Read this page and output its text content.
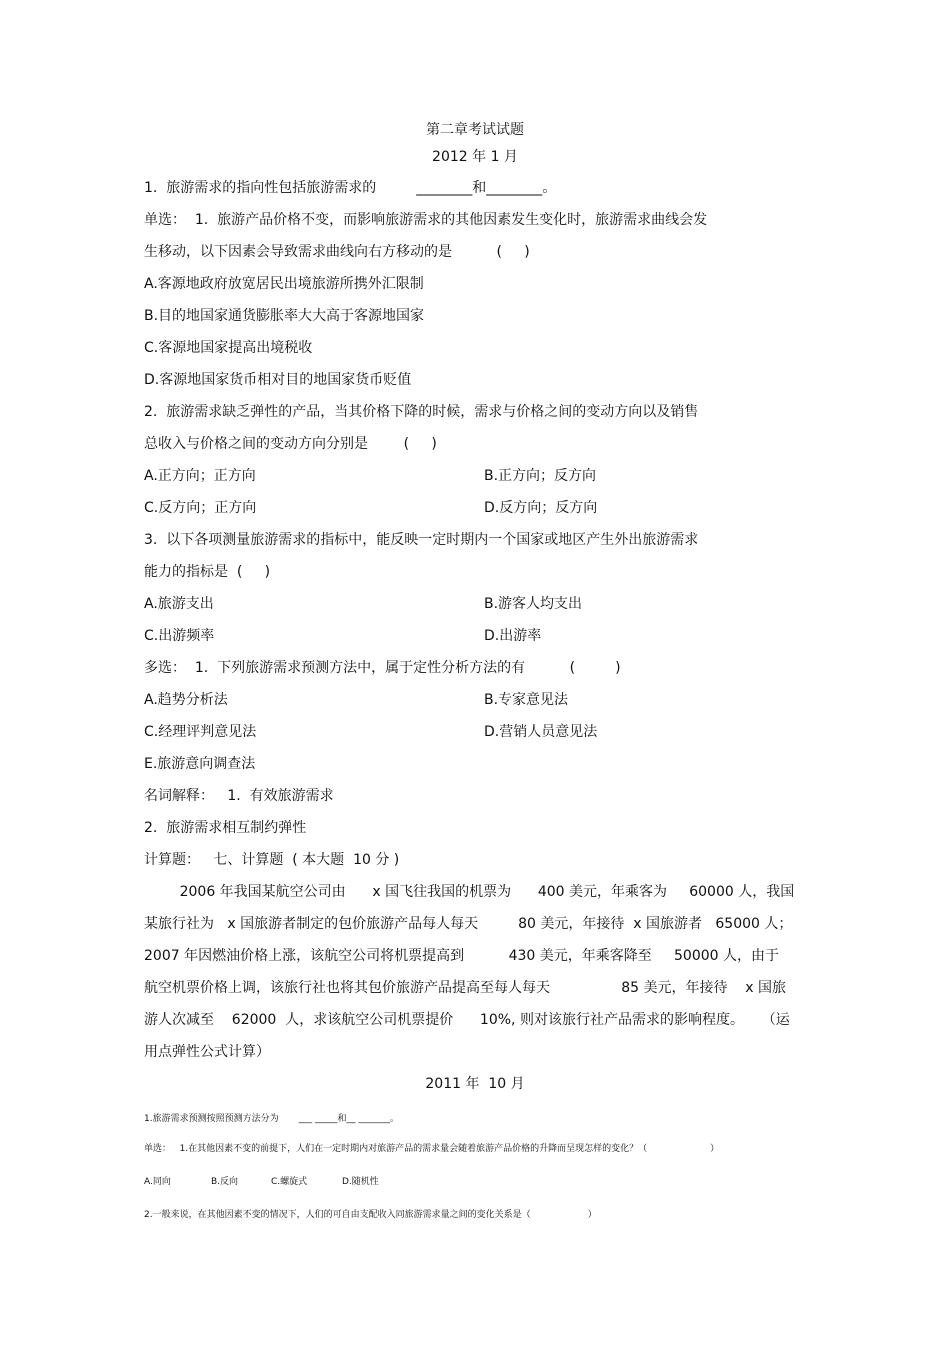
第二章考试试题
2012 年 1 月
1.  旅游需求的指向性包括旅游需求的         ________和________。
单选：  1.  旅游产品价格不变，而影响旅游需求的其他因素发生变化时，旅游需求曲线会发
生移动，以下因素会导致需求曲线向右方移动的是          (     )
A.客源地政府放宽居民出境旅游所携外汇限制
B.目的地国家通货膨胀率大大高于客源地国家
C.客源地国家提高出境税收
D.客源地国家货币相对目的地国家货币贬值
2.  旅游需求缺乏弹性的产品，当其价格下降的时候，需求与价格之间的变动方向以及销售
总收入与价格之间的变动方向分别是        (     )
A.正方向；正方向	B.正方向；反方向
C.反方向；正方向	D.反方向；反方向
3.  以下各项测量旅游需求的指标中，能反映一定时期内一个国家或地区产生外出旅游需求
能力的指标是  (     )
A.旅游支出	B.游客人均支出
C.出游频率	D.出游率
多选：  1.  下列旅游需求预测方法中，属于定性分析方法的有          (         )
A.趋势分析法	B.专家意见法
C.经理评判意见法	D.营销人员意见法
E.旅游意向调查法
名词解释：   1.  有效旅游需求
2.  旅游需求相互制约弹性
计算题：   七、计算题  ( 本大题  10 分 )
2006 年我国某航空公司由      x 国飞往我国的机票为      400 美元，年乘客为     60000 人，我国
某旅行社为   x 国旅游者制定的包价旅游产品每人每天         80 美元，年接待  x 国旅游者   65000 人；
2007 年因燃油价格上涨，该航空公司将机票提高到          430 美元，年乘客降至     50000 人，由于
航空机票价格上调，该旅行社也将其包价旅游产品提高至每人每天                85 美元，年接待    x 国旅
游人次减至    62000  人，求该航空公司机票提价      10%, 则对该旅行社产品需求的影响程度。    （运
用点弹性公式计算）
2011 年  10 月
1.旅游需求预测按照预测方法分为       ___ _____和__ _______。
单选：   1.在其他因素不变的前提下，人们在一定时期内对旅游产品的需求量会随着旅游产品价格的升降而呈现怎样的变化？（                      ）
A.同向	B.反向	C.螺旋式	D.随机性
2.一般来说，在其他因素不变的情况下，人们的可自由支配收入同旅游需求量之间的变化关系是（                    ）
